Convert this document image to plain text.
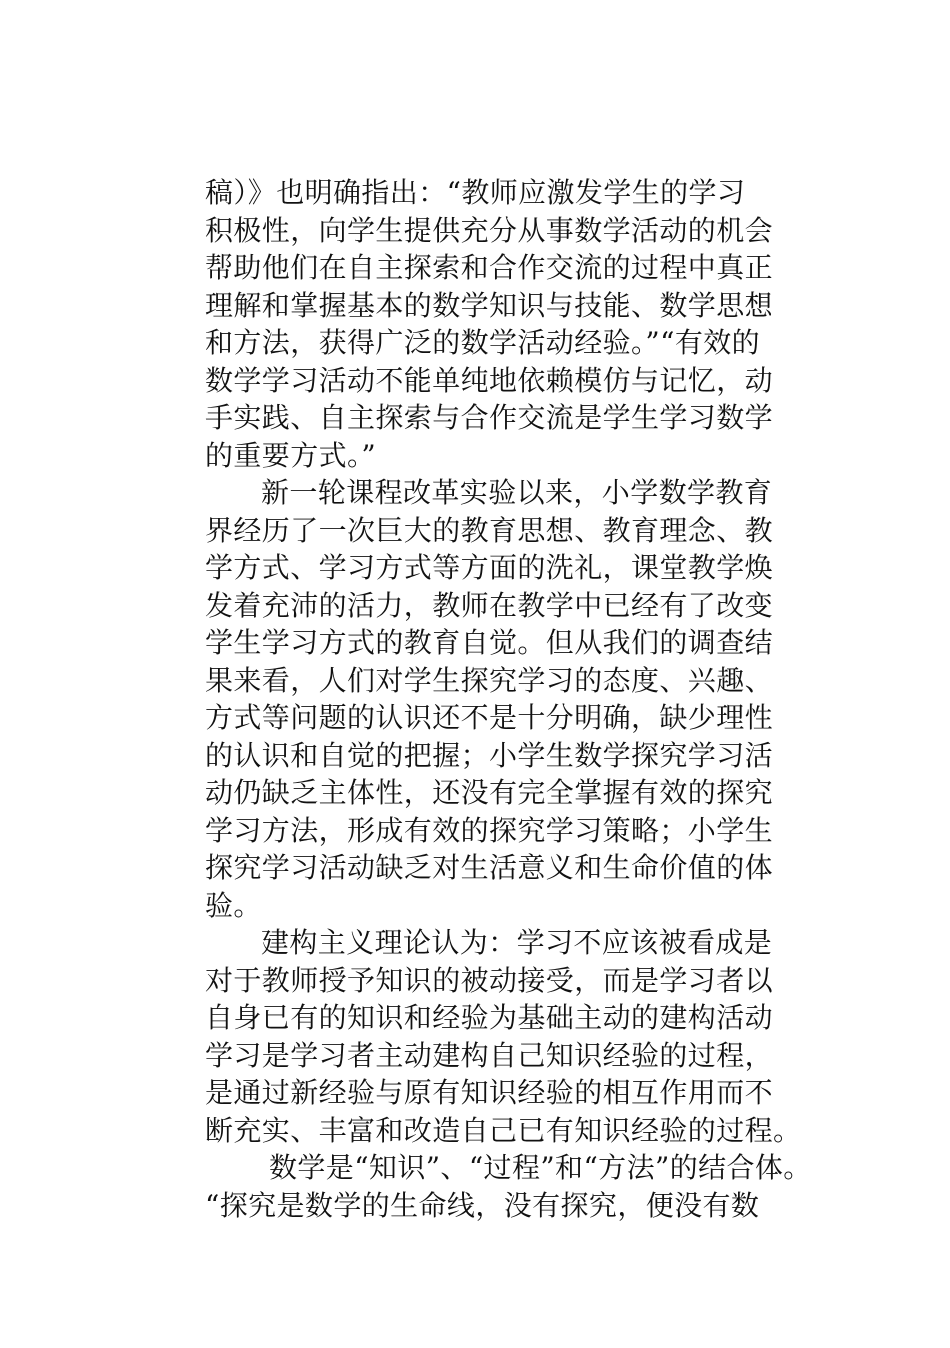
稿）》也明确指出：“教师应激发学生的学习
积极性，向学生提供充分从事数学活动的机会
帮助他们在自主探索和合作交流的过程中真正
理解和掌握基本的数学知识与技能、数学思想
和方法，获得广泛的数学活动经验。”“有效的
数学学习活动不能单纯地依赖模仿与记忆，动
手实践、自主探索与合作交流是学生学习数学
的重要方式。”
新一轮课程改革实验以来，小学数学教育
界经历了一次巨大的教育思想、教育理念、教
学方式、学习方式等方面的洗礼，课堂教学焕
发着充沛的活力，教师在教学中已经有了改变
学生学习方式的教育自觉。但从我们的调查结
果来看，人们对学生探究学习的态度、兴趣、
方式等问题的认识还不是十分明确，缺少理性
的认识和自觉的把握；小学生数学探究学习活
动仍缺乏主体性，还没有完全掌握有效的探究
学习方法，形成有效的探究学习策略；小学生
探究学习活动缺乏对生活意义和生命价值的体
验。
建构主义理论认为：学习不应该被看成是
对于教师授予知识的被动接受，而是学习者以
自身已有的知识和经验为基础主动的建构活动
学习是学习者主动建构自己知识经验的过程，
是通过新经验与原有知识经验的相互作用而不
断充实、丰富和改造自己已有知识经验的过程。
数学是“知识”、“过程”和“方法”的结合体。
“探究是数学的生命线，没有探究，便没有数
